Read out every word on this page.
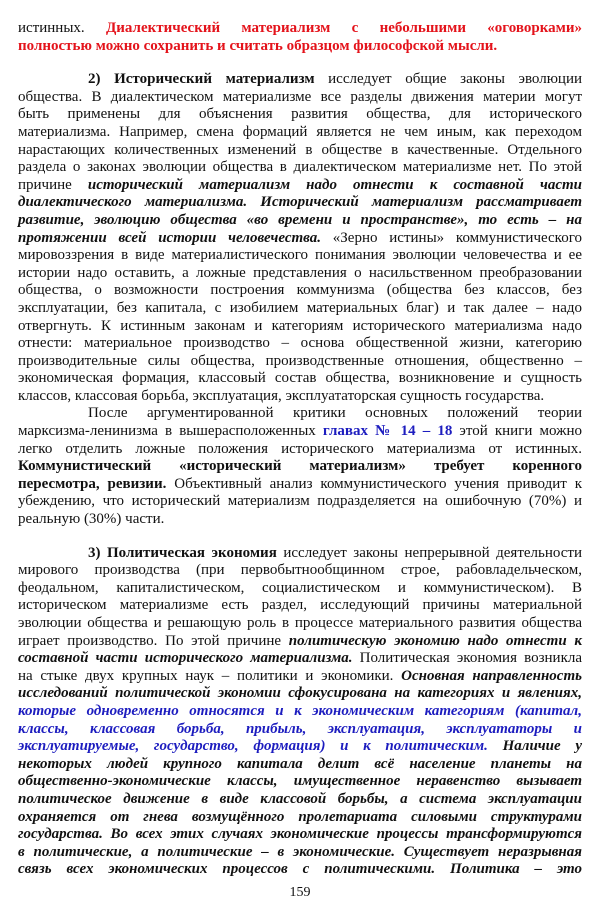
истинных. Диалектический материализм с небольшими «оговорками»
полностью можно сохранить и считать образцом философской мысли.
2) Исторический материализм исследует общие законы эволюции
общества. В диалектическом материализме все разделы движения материи могут
быть применены для объяснения развития общества, для исторического
материализма. Например, смена формаций является не чем иным, как переходом
нарастающих количественных изменений в обществе в качественные. Отдельного
раздела о законах эволюции общества в диалектическом материализме нет. По этой
причине исторический материализм надо отнести к составной части
диалектического материализма. Исторический материализм рассматривает
развитие, эволюцию общества «во времени и пространстве», то есть – на
протяжении всей истории человечества. «Зерно истины» коммунистического
мировоззрения в виде материалистического понимания эволюции человечества и ее
истории надо оставить, а ложные представления о насильственном преобразовании
общества, о возможности построения коммунизма (общества без классов, без
эксплуатации, без капитала, с изобилием материальных благ) и так далее – надо
отвергнуть. К истинным законам и категориям исторического материализма надо
отнести: материальное производство – основа общественной жизни, категорию
производительные силы общества, производственные отношения, общественно –
экономическая формация, классовый состав общества, возникновение и сущность
классов, классовая борьба, эксплуатация, эксплуататорская сущность государства.
После аргументированной критики основных положений теории
марксизма-ленинизма в вышерасположенных главах № 14 – 18 этой книги можно
легко отделить ложные положения исторического материализма от истинных.
Коммунистический «исторический материализм» требует коренного
пересмотра, ревизии. Объективный анализ коммунистического учения приводит к
убеждению, что исторический материализм подразделяется на ошибочную (70%) и
реальную (30%) части.
3) Политическая экономия исследует законы непрерывной деятельности
мирового производства (при первобытнообщинном строе, рабовладельческом,
феодальном, капиталистическом, социалистическом и коммунистическом). В
историческом материализме есть раздел, исследующий причины материальной
эволюции общества и решающую роль в процессе материального развития общества
играет производство. По этой причине политическую экономию надо отнести к
составной части исторического материализма. Политическая экономия возникла
на стыке двух крупных наук – политики и экономики. Основная направленность
исследований политической экономии сфокусирована на категориях и явлениях,
которые одновременно относятся и к экономическим категориям (капитал,
классы, классовая борьба, прибыль, эксплуатация, эксплуататоры и
эксплуатируемые, государство, формация) и к политическим. Наличие у
некоторых людей крупного капитала делит всё население планеты на
общественно-экономические классы, имущественное неравенство вызывает
политическое движение в виде классовой борьбы, а система эксплуатации
охраняется от гнева возмущённого пролетариата силовыми структурами
государства. Во всех этих случаях экономические процессы трансформируются
в политические, а политические – в экономические. Существует неразрывная
связь всех экономических процессов с политическими. Политика – это
159
